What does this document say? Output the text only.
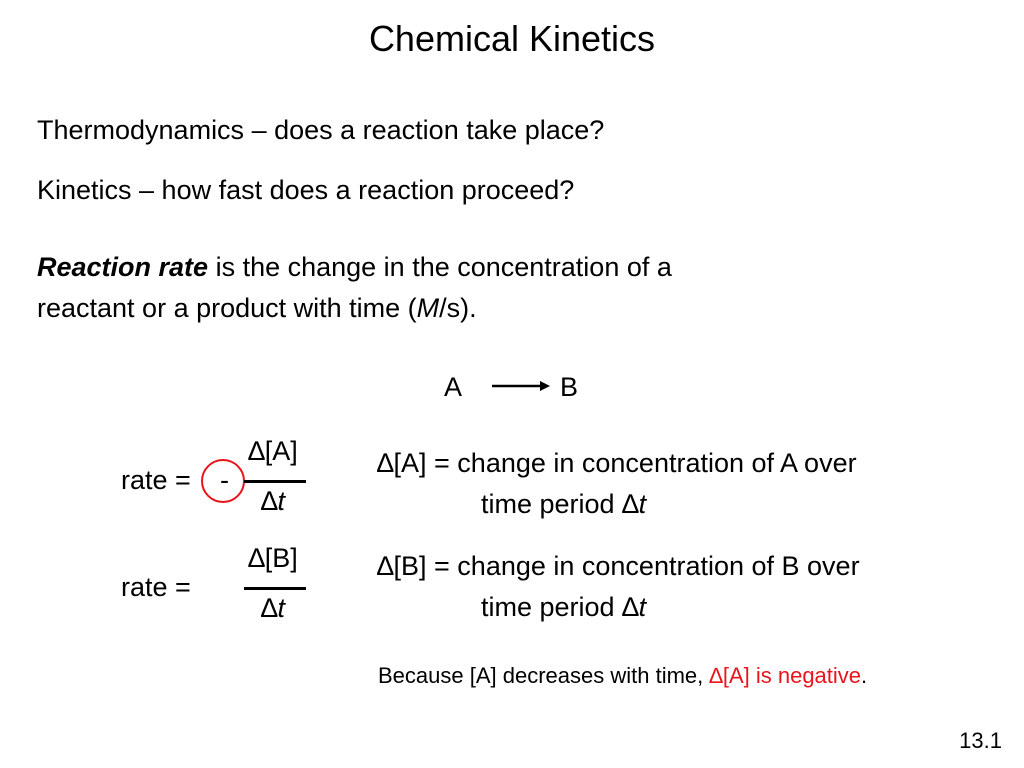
Chemical Kinetics
Thermodynamics – does a reaction take place?
Kinetics – how fast does a reaction proceed?
Reaction rate is the change in the concentration of a
reactant or a product with time (M/s).
A → B
rate = -
∆[A]
∆t
rate =
∆[B]
∆t
∆[A] = change in concentration of A over
time period ∆t
∆[B] = change in concentration of B over
time period ∆t
Because [A] decreases with time, ∆[A] is negative.
13.1
